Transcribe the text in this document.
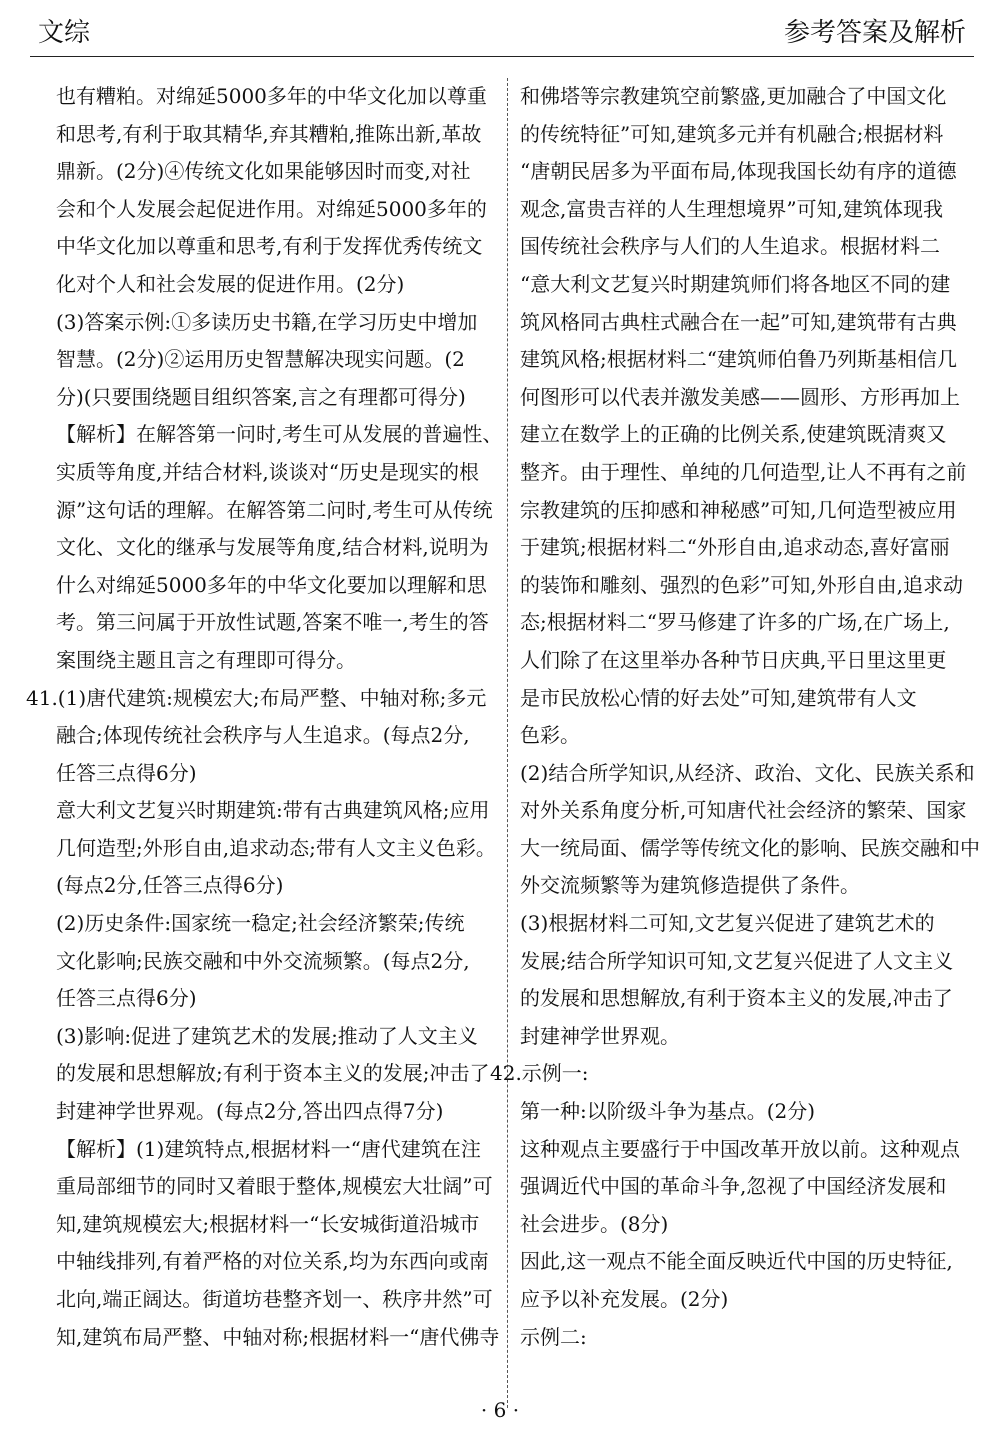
文综	参考答案及解析
也有糟粕。对绵延5000多年的中华文化加以尊重
和思考,有利于取其精华,弃其糟粕,推陈出新,革故
鼎新。(2分)④传统文化如果能够因时而变,对社
会和个人发展会起促进作用。对绵延5000多年的
中华文化加以尊重和思考,有利于发挥优秀传统文
化对个人和社会发展的促进作用。(2分)
(3)答案示例:①多读历史书籍,在学习历史中增加
智慧。(2分)②运用历史智慧解决现实问题。(2
分)(只要围绕题目组织答案,言之有理都可得分)
【解析】在解答第一问时,考生可从发展的普遍性、
实质等角度,并结合材料,谈谈对“历史是现实的根
源”这句话的理解。在解答第二问时,考生可从传统
文化、文化的继承与发展等角度,结合材料,说明为
什么对绵延5000多年的中华文化要加以理解和思
考。第三问属于开放性试题,答案不唯一,考生的答
案围绕主题且言之有理即可得分。
41.(1)唐代建筑:规模宏大;布局严整、中轴对称;多元
融合;体现传统社会秩序与人生追求。(每点2分,
任答三点得6分)
意大利文艺复兴时期建筑:带有古典建筑风格;应用
几何造型;外形自由,追求动态;带有人文主义色彩。
(每点2分,任答三点得6分)
(2)历史条件:国家统一稳定;社会经济繁荣;传统
文化影响;民族交融和中外交流频繁。(每点2分,
任答三点得6分)
(3)影响:促进了建筑艺术的发展;推动了人文主义
的发展和思想解放;有利于资本主义的发展;冲击了
封建神学世界观。(每点2分,答出四点得7分)
【解析】(1)建筑特点,根据材料一“唐代建筑在注
重局部细节的同时又着眼于整体,规模宏大壮阔”可
知,建筑规模宏大;根据材料一“长安城街道沿城市
中轴线排列,有着严格的对位关系,均为东西向或南
北向,端正阔达。街道坊巷整齐划一、秩序井然”可
知,建筑布局严整、中轴对称;根据材料一“唐代佛寺
和佛塔等宗教建筑空前繁盛,更加融合了中国文化
的传统特征”可知,建筑多元并有机融合;根据材料
“唐朝民居多为平面布局,体现我国长幼有序的道德
观念,富贵吉祥的人生理想境界”可知,建筑体现我
国传统社会秩序与人们的人生追求。根据材料二
“意大利文艺复兴时期建筑师们将各地区不同的建
筑风格同古典柱式融合在一起”可知,建筑带有古典
建筑风格;根据材料二“建筑师伯鲁乃列斯基相信几
何图形可以代表并激发美感——圆形、方形再加上
建立在数学上的正确的比例关系,使建筑既清爽又
整齐。由于理性、单纯的几何造型,让人不再有之前
宗教建筑的压抑感和神秘感”可知,几何造型被应用
于建筑;根据材料二“外形自由,追求动态,喜好富丽
的装饰和雕刻、强烈的色彩”可知,外形自由,追求动
态;根据材料二“罗马修建了许多的广场,在广场上,
人们除了在这里举办各种节日庆典,平日里这里更
是市民放松心情的好去处”可知,建筑带有人文
色彩。
(2)结合所学知识,从经济、政治、文化、民族关系和
对外关系角度分析,可知唐代社会经济的繁荣、国家
大一统局面、儒学等传统文化的影响、民族交融和中
外交流频繁等为建筑修造提供了条件。
(3)根据材料二可知,文艺复兴促进了建筑艺术的
发展;结合所学知识可知,文艺复兴促进了人文主义
的发展和思想解放,有利于资本主义的发展,冲击了
封建神学世界观。
42.示例一:
第一种:以阶级斗争为基点。(2分)
这种观点主要盛行于中国改革开放以前。这种观点
强调近代中国的革命斗争,忽视了中国经济发展和
社会进步。(8分)
因此,这一观点不能全面反映近代中国的历史特征,
应予以补充发展。(2分)
示例二:
· 6 ·
